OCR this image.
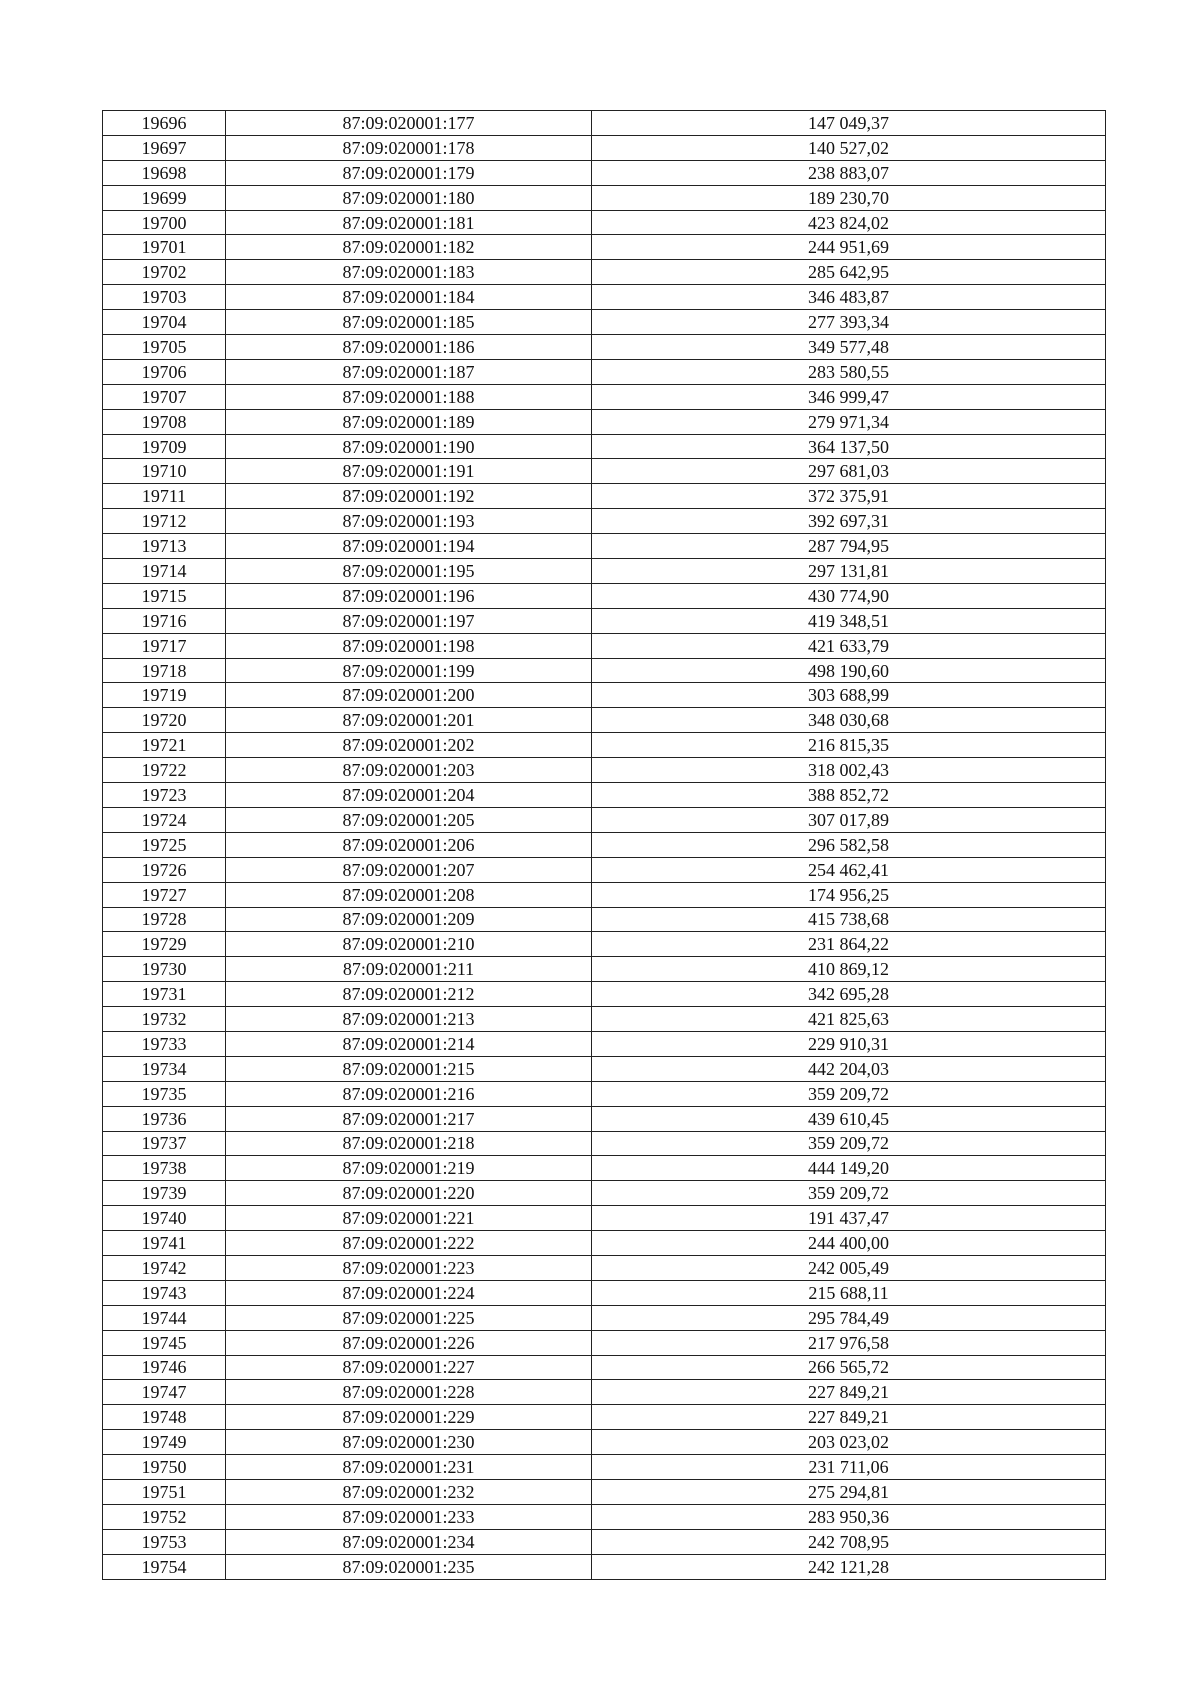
19696	87:09:020001:177	147 049,37
19697	87:09:020001:178	140 527,02
19698	87:09:020001:179	238 883,07
19699	87:09:020001:180	189 230,70
19700	87:09:020001:181	423 824,02
19701	87:09:020001:182	244 951,69
19702	87:09:020001:183	285 642,95
19703	87:09:020001:184	346 483,87
19704	87:09:020001:185	277 393,34
19705	87:09:020001:186	349 577,48
19706	87:09:020001:187	283 580,55
19707	87:09:020001:188	346 999,47
19708	87:09:020001:189	279 971,34
19709	87:09:020001:190	364 137,50
19710	87:09:020001:191	297 681,03
19711	87:09:020001:192	372 375,91
19712	87:09:020001:193	392 697,31
19713	87:09:020001:194	287 794,95
19714	87:09:020001:195	297 131,81
19715	87:09:020001:196	430 774,90
19716	87:09:020001:197	419 348,51
19717	87:09:020001:198	421 633,79
19718	87:09:020001:199	498 190,60
19719	87:09:020001:200	303 688,99
19720	87:09:020001:201	348 030,68
19721	87:09:020001:202	216 815,35
19722	87:09:020001:203	318 002,43
19723	87:09:020001:204	388 852,72
19724	87:09:020001:205	307 017,89
19725	87:09:020001:206	296 582,58
19726	87:09:020001:207	254 462,41
19727	87:09:020001:208	174 956,25
19728	87:09:020001:209	415 738,68
19729	87:09:020001:210	231 864,22
19730	87:09:020001:211	410 869,12
19731	87:09:020001:212	342 695,28
19732	87:09:020001:213	421 825,63
19733	87:09:020001:214	229 910,31
19734	87:09:020001:215	442 204,03
19735	87:09:020001:216	359 209,72
19736	87:09:020001:217	439 610,45
19737	87:09:020001:218	359 209,72
19738	87:09:020001:219	444 149,20
19739	87:09:020001:220	359 209,72
19740	87:09:020001:221	191 437,47
19741	87:09:020001:222	244 400,00
19742	87:09:020001:223	242 005,49
19743	87:09:020001:224	215 688,11
19744	87:09:020001:225	295 784,49
19745	87:09:020001:226	217 976,58
19746	87:09:020001:227	266 565,72
19747	87:09:020001:228	227 849,21
19748	87:09:020001:229	227 849,21
19749	87:09:020001:230	203 023,02
19750	87:09:020001:231	231 711,06
19751	87:09:020001:232	275 294,81
19752	87:09:020001:233	283 950,36
19753	87:09:020001:234	242 708,95
19754	87:09:020001:235	242 121,28
